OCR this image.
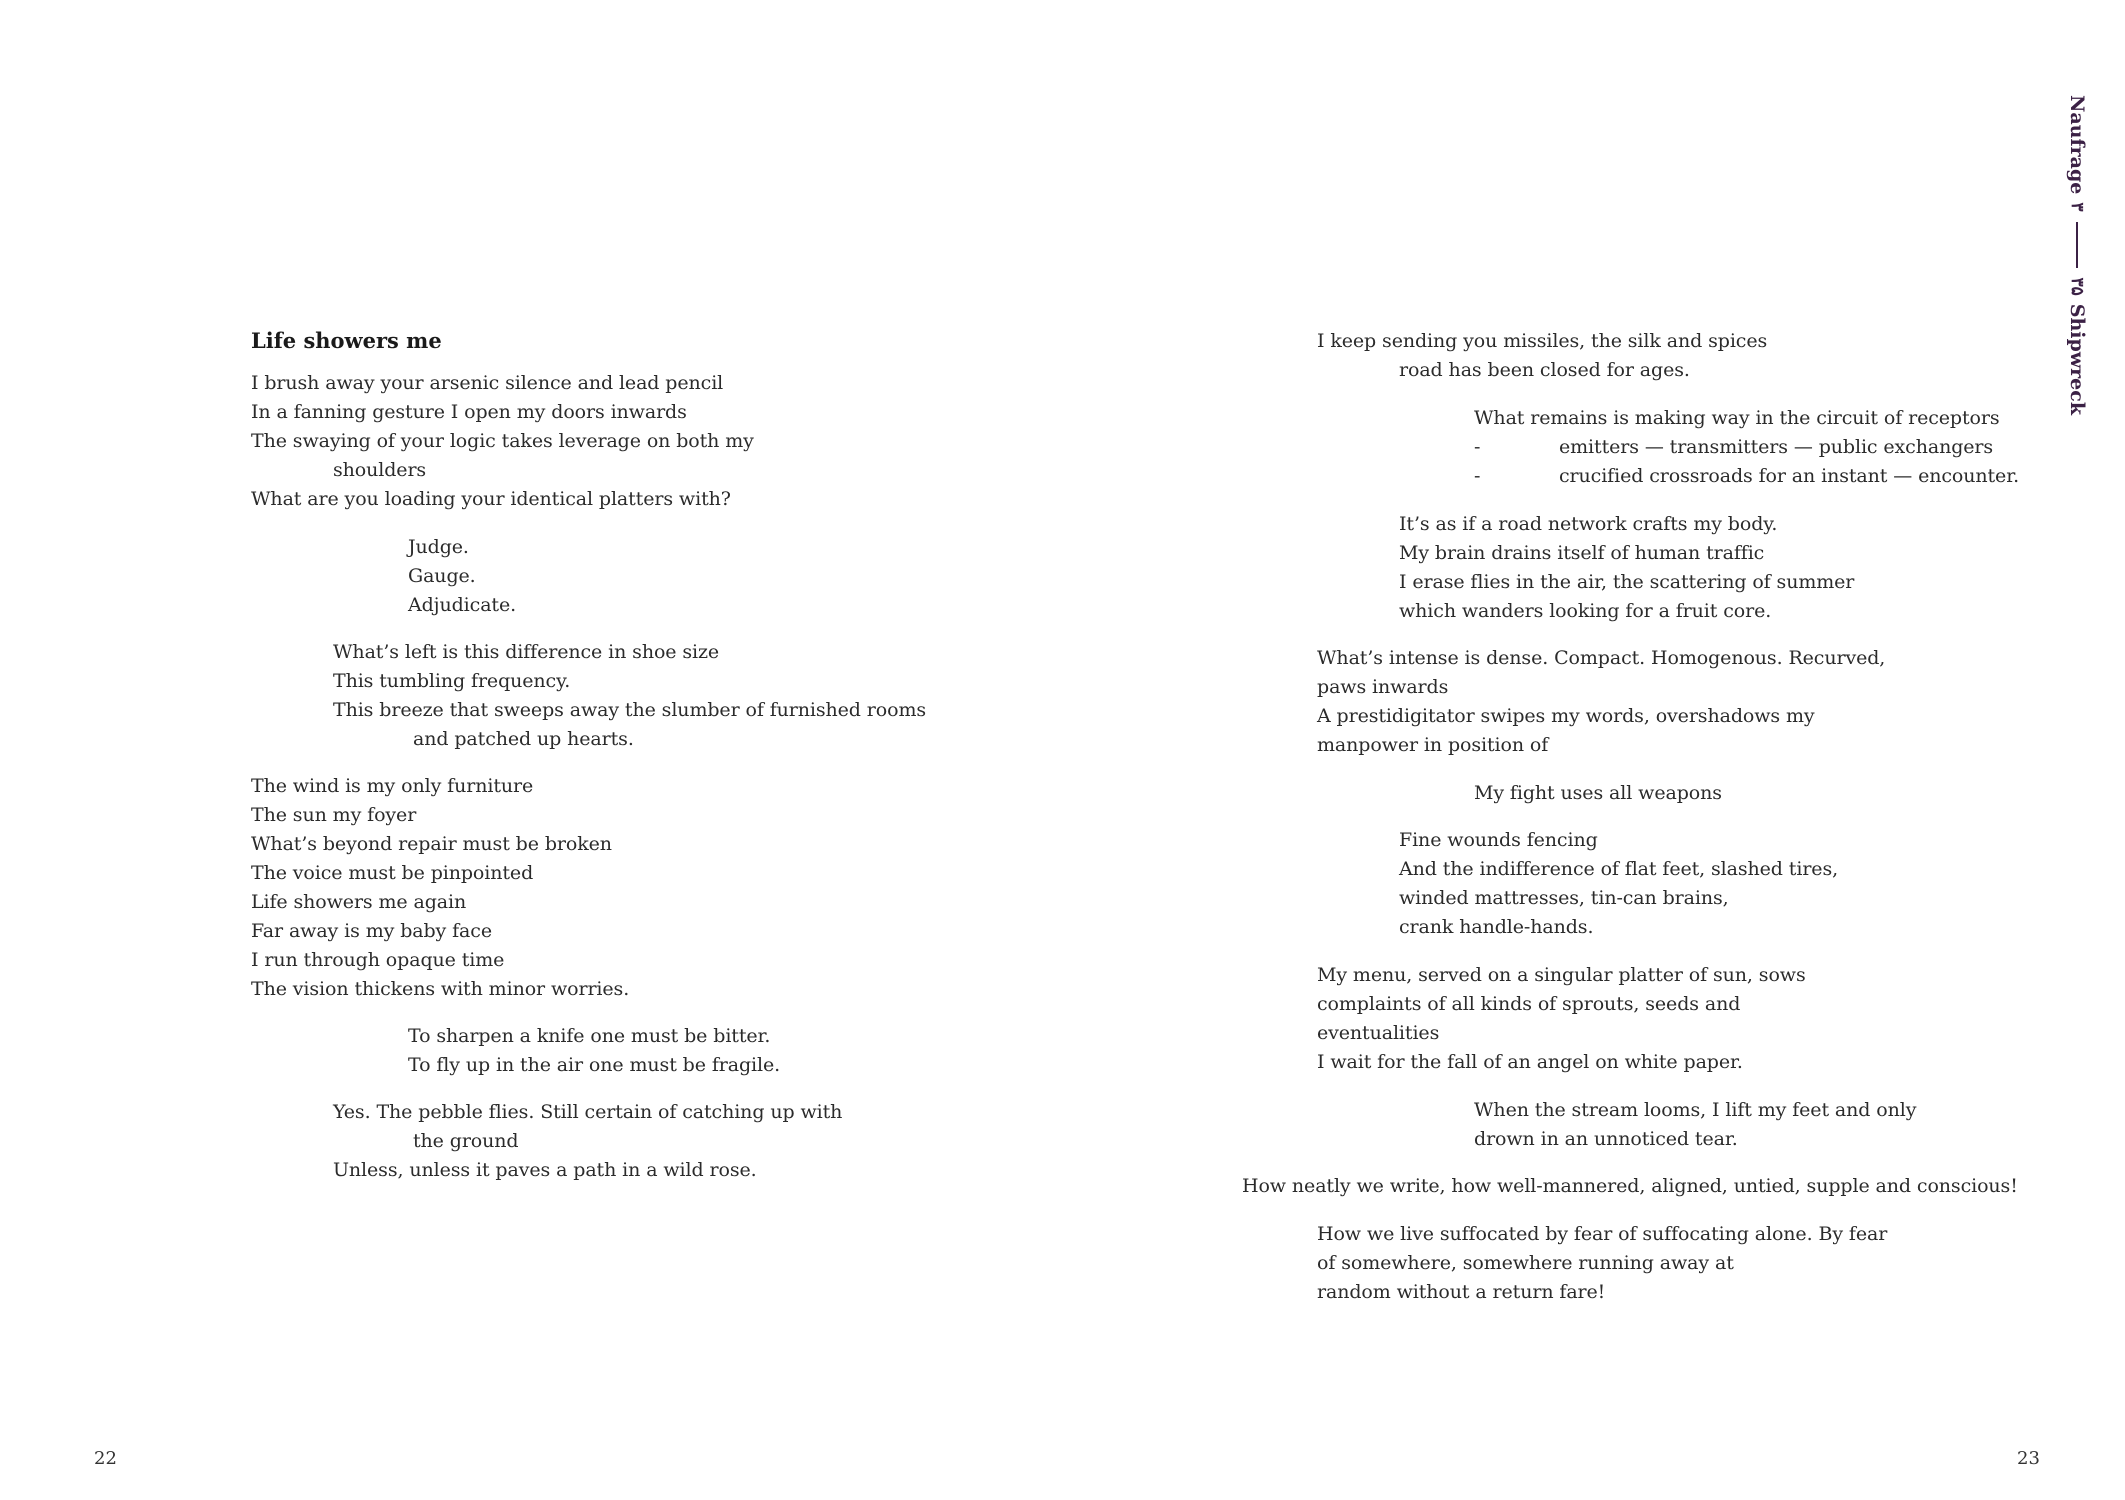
Life showers me
I brush away your arsenic silence and lead pencil
In a fanning gesture I open my doors inwards
The swaying of your logic takes leverage on both my
shoulders
What are you loading your identical platters with?
Judge.
Gauge.
Adjudicate.
What’s left is this difference in shoe size
This tumbling frequency.
This breeze that sweeps away the slumber of furnished rooms
and patched up hearts.
The wind is my only furniture
The sun my foyer
What’s beyond repair must be broken
The voice must be pinpointed
Life showers me again
Far away is my baby face
I run through opaque time
The vision thickens with minor worries.
To sharpen a knife one must be bitter.
To fly up in the air one must be fragile.
Yes. The pebble flies. Still certain of catching up with
the ground
Unless, unless it paves a path in a wild rose.
22
I keep sending you missiles, the silk and spices
road has been closed for ages.
What remains is making way in the circuit of receptors
-	emitters — transmitters — public exchangers
-	crucified crossroads for an instant — encounter.
It’s as if a road network crafts my body.
My brain drains itself of human traffic
I erase flies in the air, the scattering of summer
which wanders looking for a fruit core.
What’s intense is dense. Compact. Homogenous. Recurved,
paws inwards
A prestidigitator swipes my words, overshadows my
manpower in position of
My fight uses all weapons
Fine wounds fencing
And the indifference of flat feet, slashed tires,
winded mattresses, tin-can brains,
crank handle-hands.
My menu, served on a singular platter of sun, sows
complaints of all kinds of sprouts, seeds and
eventualities
I wait for the fall of an angel on white paper.
When the stream looms, I lift my feet and only
drown in an unnoticed tear.
How neatly we write, how well-mannered, aligned, untied, supple and conscious!
How we live suffocated by fear of suffocating alone. By fear
of somewhere, somewhere running away at
random without a return fare!
23
Naufrage
٣
٣۵
Shipwreck
